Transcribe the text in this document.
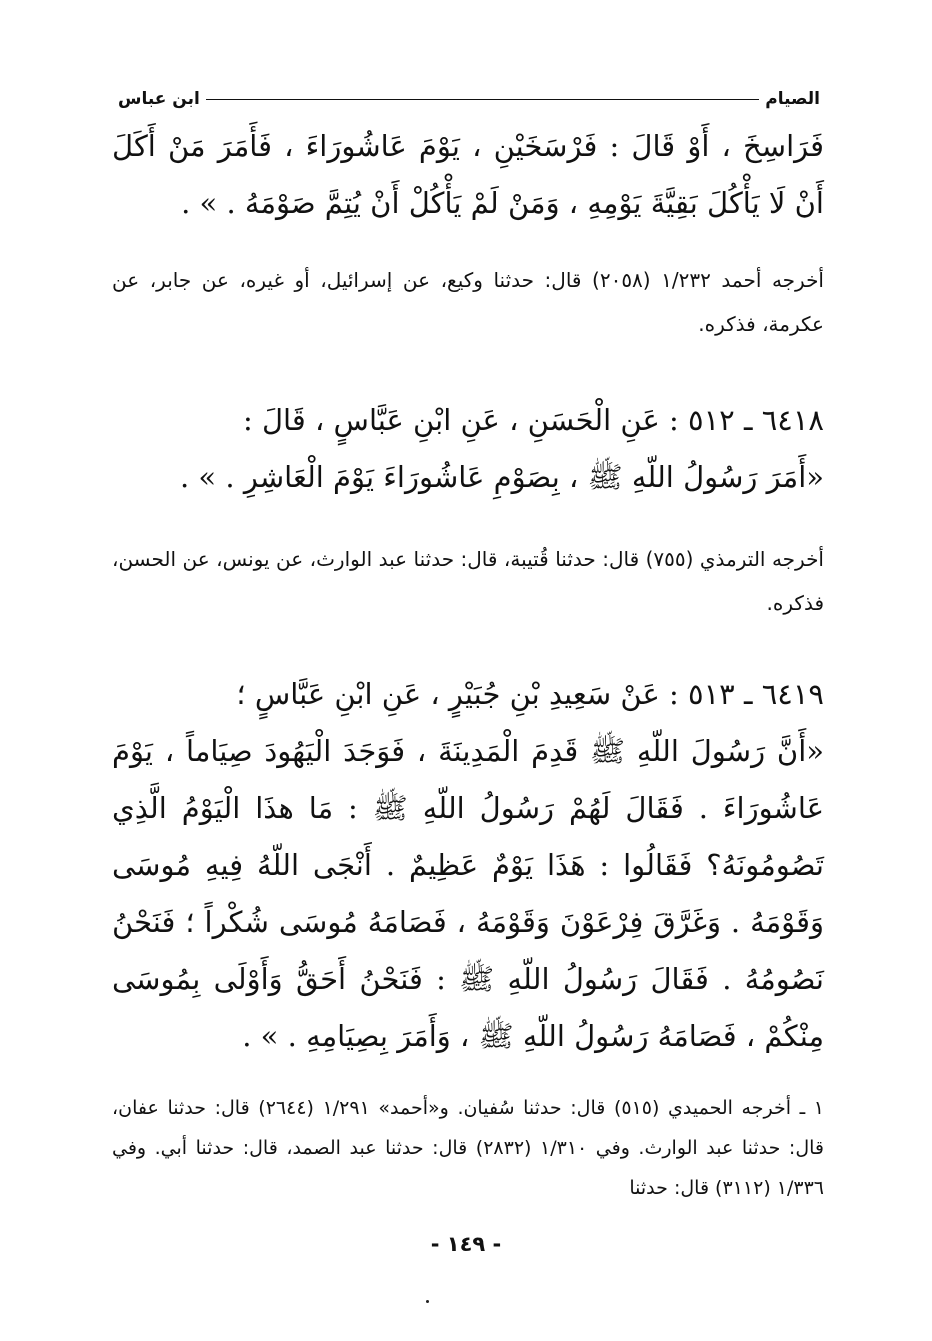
الصيام
ابن عباس

فَرَاسِخَ ، أَوْ قَالَ : فَرْسَخَيْنِ ، يَوْمَ عَاشُورَاءَ ، فَأَمَرَ مَنْ أَكَلَ أَنْ لَا يَأْكُلَ بَقِيَّةَ يَوْمِهِ ، وَمَنْ لَمْ يَأْكُلْ أَنْ يُتِمَّ صَوْمَهُ . » .

أخرجه أحمد ١/٢٣٢ (٢٠٥٨) قال: حدثنا وكيع، عن إسرائيل، أو غيره، عن جابر، عن عكرمة، فذكره.

٦٤١٨ ـ ٥١٢ : عَنِ الْحَسَنِ ، عَنِ ابْنِ عَبَّاسٍ ، قَالَ :

«أَمَرَ رَسُولُ اللّهِ ﷺ ، بِصَوْمِ عَاشُورَاءَ يَوْمَ الْعَاشِرِ . » .

أخرجه الترمذي (٧٥٥) قال: حدثنا قُتيبة، قال: حدثنا عبد الوارث، عن يونس، عن الحسن، فذكره.

٦٤١٩ ـ ٥١٣ : عَنْ سَعِيدِ بْنِ جُبَيْرٍ ، عَنِ ابْنِ عَبَّاسٍ ؛

«أَنَّ رَسُولَ اللّهِ ﷺ قَدِمَ الْمَدِينَةَ ، فَوَجَدَ الْيَهُودَ صِيَاماً ، يَوْمَ عَاشُورَاءَ . فَقَالَ لَهُمْ رَسُولُ اللّهِ ﷺ : مَا هذَا الْيَوْمُ الَّذِي تَصُومُونَهُ؟ فَقَالُوا : هَذَا يَوْمٌ عَظِيمٌ . أَنْجَى اللّهُ فِيهِ مُوسَى وَقَوْمَهُ . وَغَرَّقَ فِرْعَوْنَ وَقَوْمَهُ ، فَصَامَهُ مُوسَى شُكْراً ؛ فَنَحْنُ نَصُومُهُ . فَقَالَ رَسُولُ اللّهِ ﷺ : فَنَحْنُ أَحَقُّ وَأَوْلَى بِمُوسَى مِنْكُمْ ، فَصَامَهُ رَسُولُ اللّهِ ﷺ ، وَأَمَرَ بِصِيَامِهِ . » .

١ ـ أخرجه الحميدي (٥١٥) قال: حدثنا سُفيان. و«أحمد» ١/٢٩١ (٢٦٤٤) قال: حدثنا عفان، قال: حدثنا عبد الوارث. وفي ١/٣١٠ (٢٨٣٢) قال: حدثنا عبد الصمد، قال: حدثنا أبي. وفي ١/٣٣٦ (٣١١٢) قال: حدثنا

- ١٤٩ -
